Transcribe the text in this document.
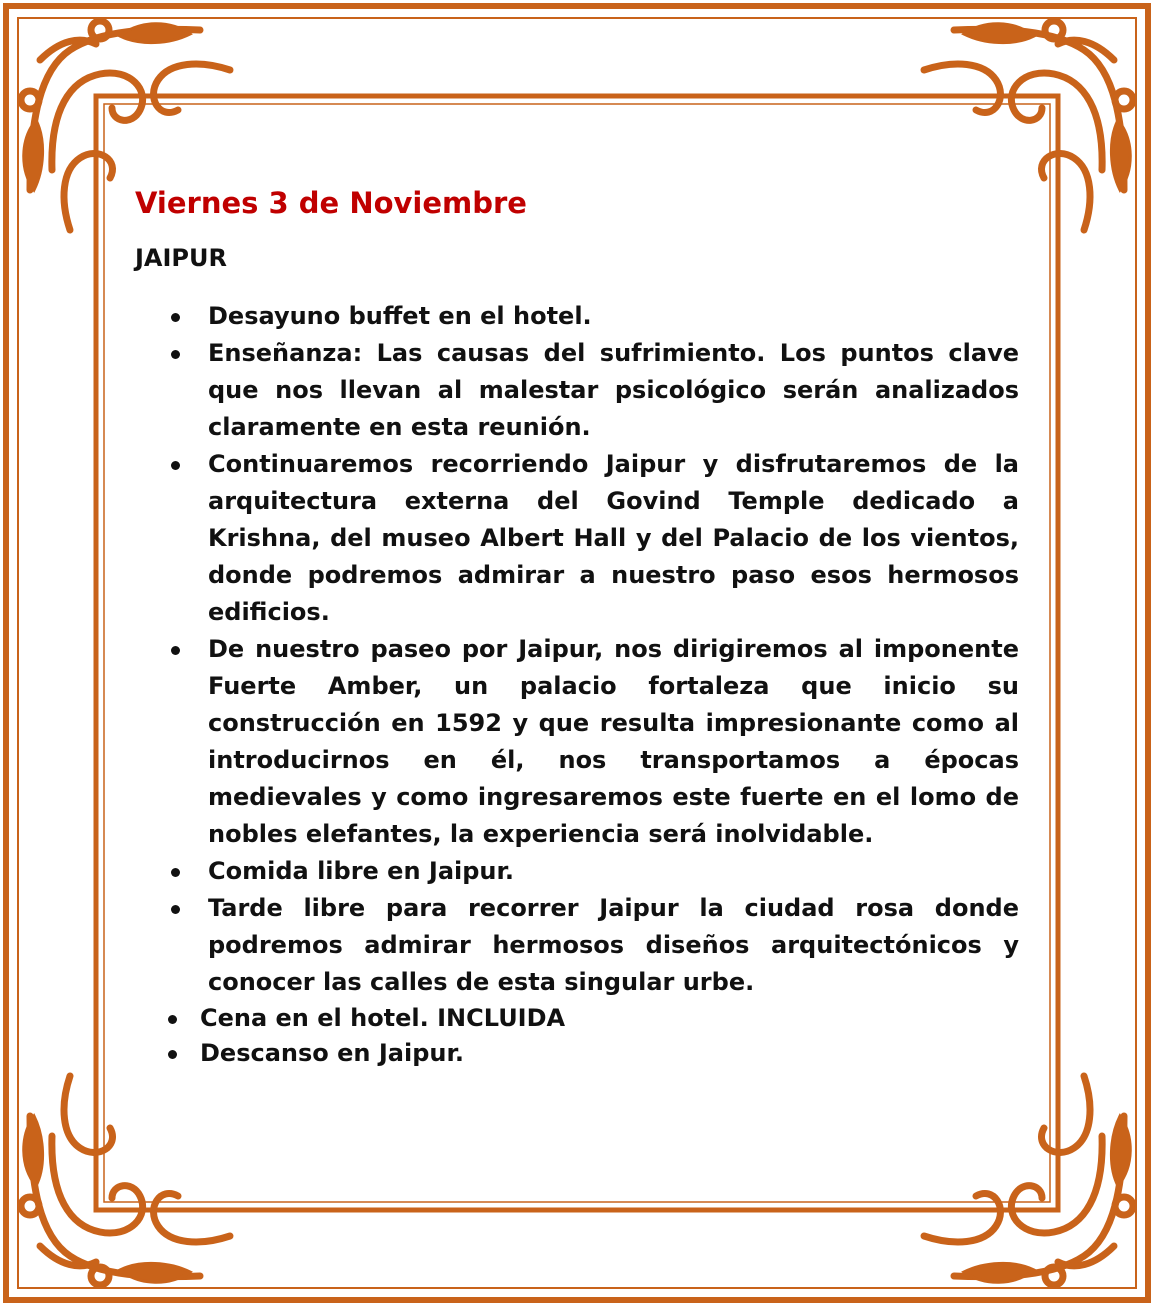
Viernes 3 de Noviembre
JAIPUR
Desayuno buffet en el hotel.
Enseñanza: Las causas del sufrimiento. Los puntos clave que nos llevan al malestar psicológico serán analizados claramente en esta reunión.
Continuaremos recorriendo Jaipur y disfrutaremos de la arquitectura externa del Govind Temple dedicado a Krishna, del museo Albert Hall y del Palacio de los vientos, donde podremos admirar a nuestro paso esos hermosos edificios.
De nuestro paseo por Jaipur, nos dirigiremos al imponente Fuerte Amber, un palacio fortaleza que inicio su construcción en 1592 y que resulta impresionante como al introducirnos en él, nos transportamos a épocas medievales y como ingresaremos este fuerte en el lomo de nobles elefantes, la experiencia será inolvidable.
Comida libre en Jaipur.
Tarde libre para recorrer Jaipur la ciudad rosa donde podremos admirar hermosos diseños arquitectónicos y conocer las calles de esta singular urbe.
Cena en el hotel. INCLUIDA
Descanso en Jaipur.
